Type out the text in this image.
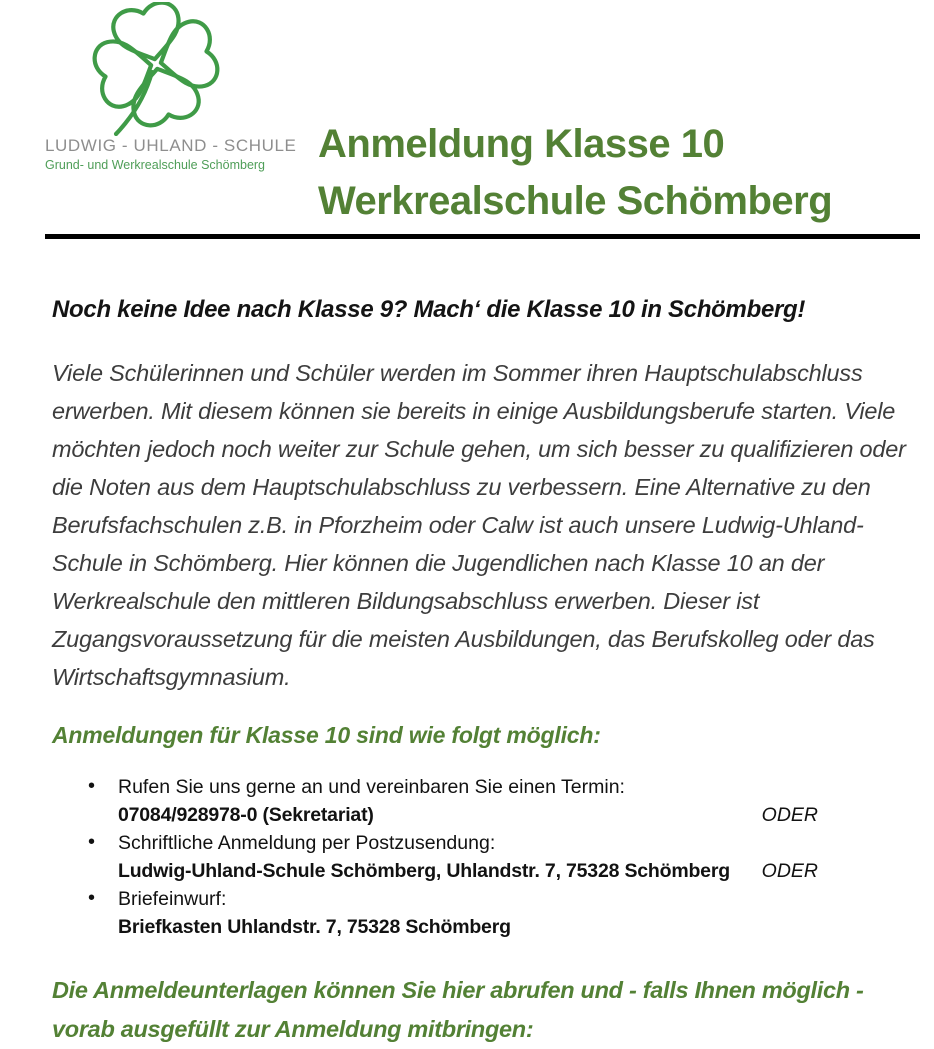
LUDWIG - UHLAND - SCHULE
Grund- und Werkrealschule Schömberg	Anmeldung Klasse 10
Werkrealschule Schömberg
Noch keine Idee nach Klasse 9? Mach‘ die Klasse 10 in Schömberg!

Viele Schülerinnen und Schüler werden im Sommer ihren Hauptschulabschluss erwerben. Mit diesem können sie bereits in einige Ausbildungsberufe starten. Viele möchten jedoch noch weiter zur Schule gehen, um sich besser zu qualifizieren oder die Noten aus dem Hauptschulabschluss zu verbessern. Eine Alternative zu den Berufsfachschulen z.B. in Pforzheim oder Calw ist auch unsere Ludwig-Uhland-Schule in Schömberg. Hier können die Jugendlichen nach Klasse 10 an der Werkrealschule den mittleren Bildungsabschluss erwerben. Dieser ist Zugangsvoraussetzung für die meisten Ausbildungen, das Berufskolleg oder das Wirtschaftsgymnasium.

Anmeldungen für Klasse 10 sind wie folgt möglich:
• Rufen Sie uns gerne an und vereinbaren Sie einen Termin:
07084/928978-0 (Sekretariat)	ODER
• Schriftliche Anmeldung per Postzusendung:
Ludwig-Uhland-Schule Schömberg, Uhlandstr. 7, 75328 Schömberg ODER
• Briefeinwurf:
Briefkasten Uhlandstr. 7, 75328 Schömberg
Die Anmeldeunterlagen können Sie hier abrufen und - falls Ihnen möglich - vorab ausgefüllt zur Anmeldung mitbringen:
